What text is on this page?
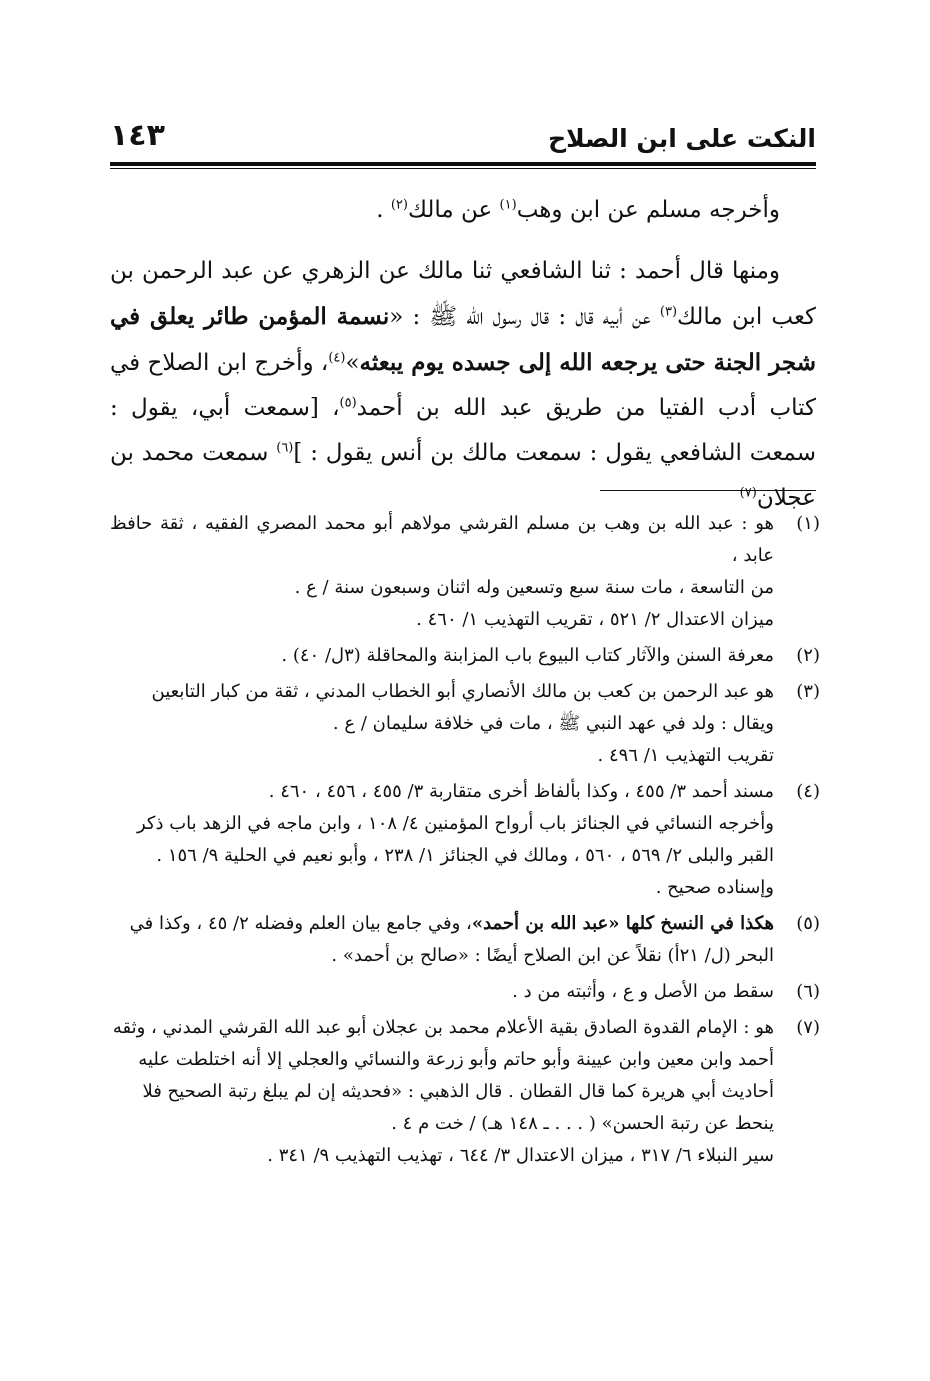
النكت على ابن الصلاح
١٤٣

وأخرجه مسلم عن ابن وهب$^{(١)}$ عن مالك$^{(٢)}$ .

ومنها قال أحمد : ثنا الشافعي ثنا مالك عن الزهري عن عبد الرحمن بن كعب ابن مالك$^{(٣)}$ عن أبيه قال : قال رسول الله ﷺ : «نسمة المؤمن طائر يعلق في شجر الجنة حتى يرجعه الله إلى جسده يوم يبعثه»$^{(٤)}$، وأخرج ابن الصلاح في كتاب أدب الفتيا من طريق عبد الله بن أحمد$^{(٥)}$، [سمعت أبي، يقول : سمعت الشافعي يقول : سمعت مالك بن أنس يقول : ]$^{(٦)}$ سمعت محمد بن عجلان$^{(٧)}$

(١)
هو : عبد الله بن وهب بن مسلم القرشي مولاهم أبو محمد المصري الفقيه ، ثقة حافظ عابد ،
من التاسعة ، مات سنة سبع وتسعين وله اثنان وسبعون سنة / ع .
ميزان الاعتدال ٢/ ٥٢١ ، تقريب التهذيب ١/ ٤٦٠ .
(٢)
معرفة السنن والآثار كتاب البيوع باب المزابنة والمحاقلة (٣ل/ ٤٠) .
(٣)
هو عبد الرحمن بن كعب بن مالك الأنصاري أبو الخطاب المدني ، ثقة من كبار التابعين
ويقال : ولد في عهد النبي ﷺ ، مات في خلافة سليمان / ع .
تقريب التهذيب ١/ ٤٩٦ .
(٤)
مسند أحمد ٣/ ٤٥٥ ، وكذا بألفاظ أخرى متقاربة ٣/ ٤٥٥ ، ٤٥٦ ، ٤٦٠ .
وأخرجه النسائي في الجنائز باب أرواح المؤمنين ٤/ ١٠٨ ، وابن ماجه في الزهد باب ذكر
القبر والبلى ٢/ ٥٦٩ ، ٥٦٠ ، ومالك في الجنائز ١/ ٢٣٨ ، وأبو نعيم في الحلية ٩/ ١٥٦ .
وإسناده صحيح .
(٥)
هكذا في النسخ كلها «عبد الله بن أحمد»، وفي جامع بيان العلم وفضله ٢/ ٤٥ ، وكذا في
البحر (ل/ ٢١أ) نقلاً عن ابن الصلاح أيضًا : «صالح بن أحمد» .
(٦)
سقط من الأصل و ع ، وأثبته من د .
(٧)
هو : الإمام القدوة الصادق بقية الأعلام محمد بن عجلان أبو عبد الله القرشي المدني ، وثقه
أحمد وابن معين وابن عيينة وأبو حاتم وأبو زرعة والنسائي والعجلي إلا أنه اختلطت عليه
أحاديث أبي هريرة كما قال القطان . قال الذهبي : «فحديثه إن لم يبلغ رتبة الصحيح فلا
ينحط عن رتبة الحسن» ( . . . ـ ١٤٨ هـ) / خت م ٤ .
سير النبلاء ٦/ ٣١٧ ، ميزان الاعتدال ٣/ ٦٤٤ ، تهذيب التهذيب ٩/ ٣٤١ .
